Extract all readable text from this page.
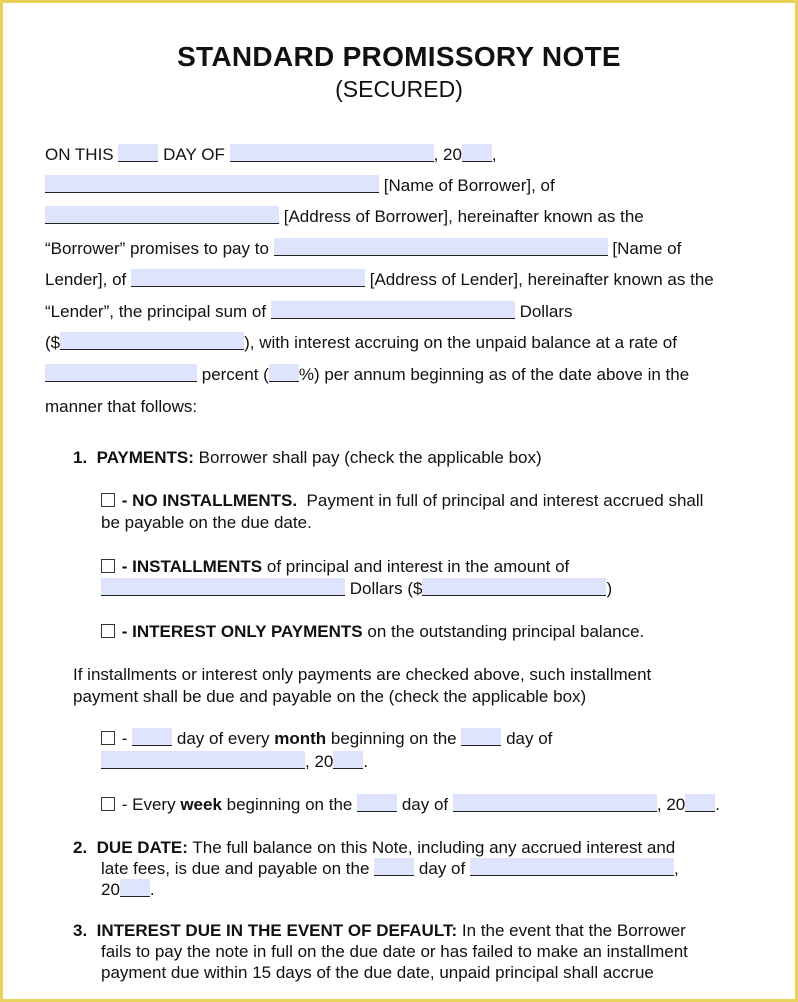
STANDARD PROMISSORY NOTE
(SECURED)
ON THIS	DAY OF	, 20 ,
[Name of Borrower], of
[Address of Borrower], hereinafter known as the
“Borrower” promises to pay to	[Name of
Lender], of	[Address of Lender], hereinafter known as the
“Lender”, the principal sum of	Dollars
($	), with interest accruing on the unpaid balance at a rate of
percent ( %) per annum beginning as of the date above in the
manner that follows:
1. PAYMENTS: Borrower shall pay (check the applicable box)
- NO INSTALLMENTS. Payment in full of principal and interest accrued shall
be payable on the due date.
- INSTALLMENTS of principal and interest in the amount of
Dollars ($	)
- INTEREST ONLY PAYMENTS on the outstanding principal balance.
If installments or interest only payments are checked above, such installment
payment shall be due and payable on the (check the applicable box)
-	day of every month beginning on the	day of
, 20 .
- Every week beginning on the	day of	, 20 .
2. DUE DATE: The full balance on this Note, including any accrued interest and
late fees, is due and payable on the	day of	,
20 .
3. INTEREST DUE IN THE EVENT OF DEFAULT: In the event that the Borrower
fails to pay the note in full on the due date or has failed to make an installment
payment due within 15 days of the due date, unpaid principal shall accrue
